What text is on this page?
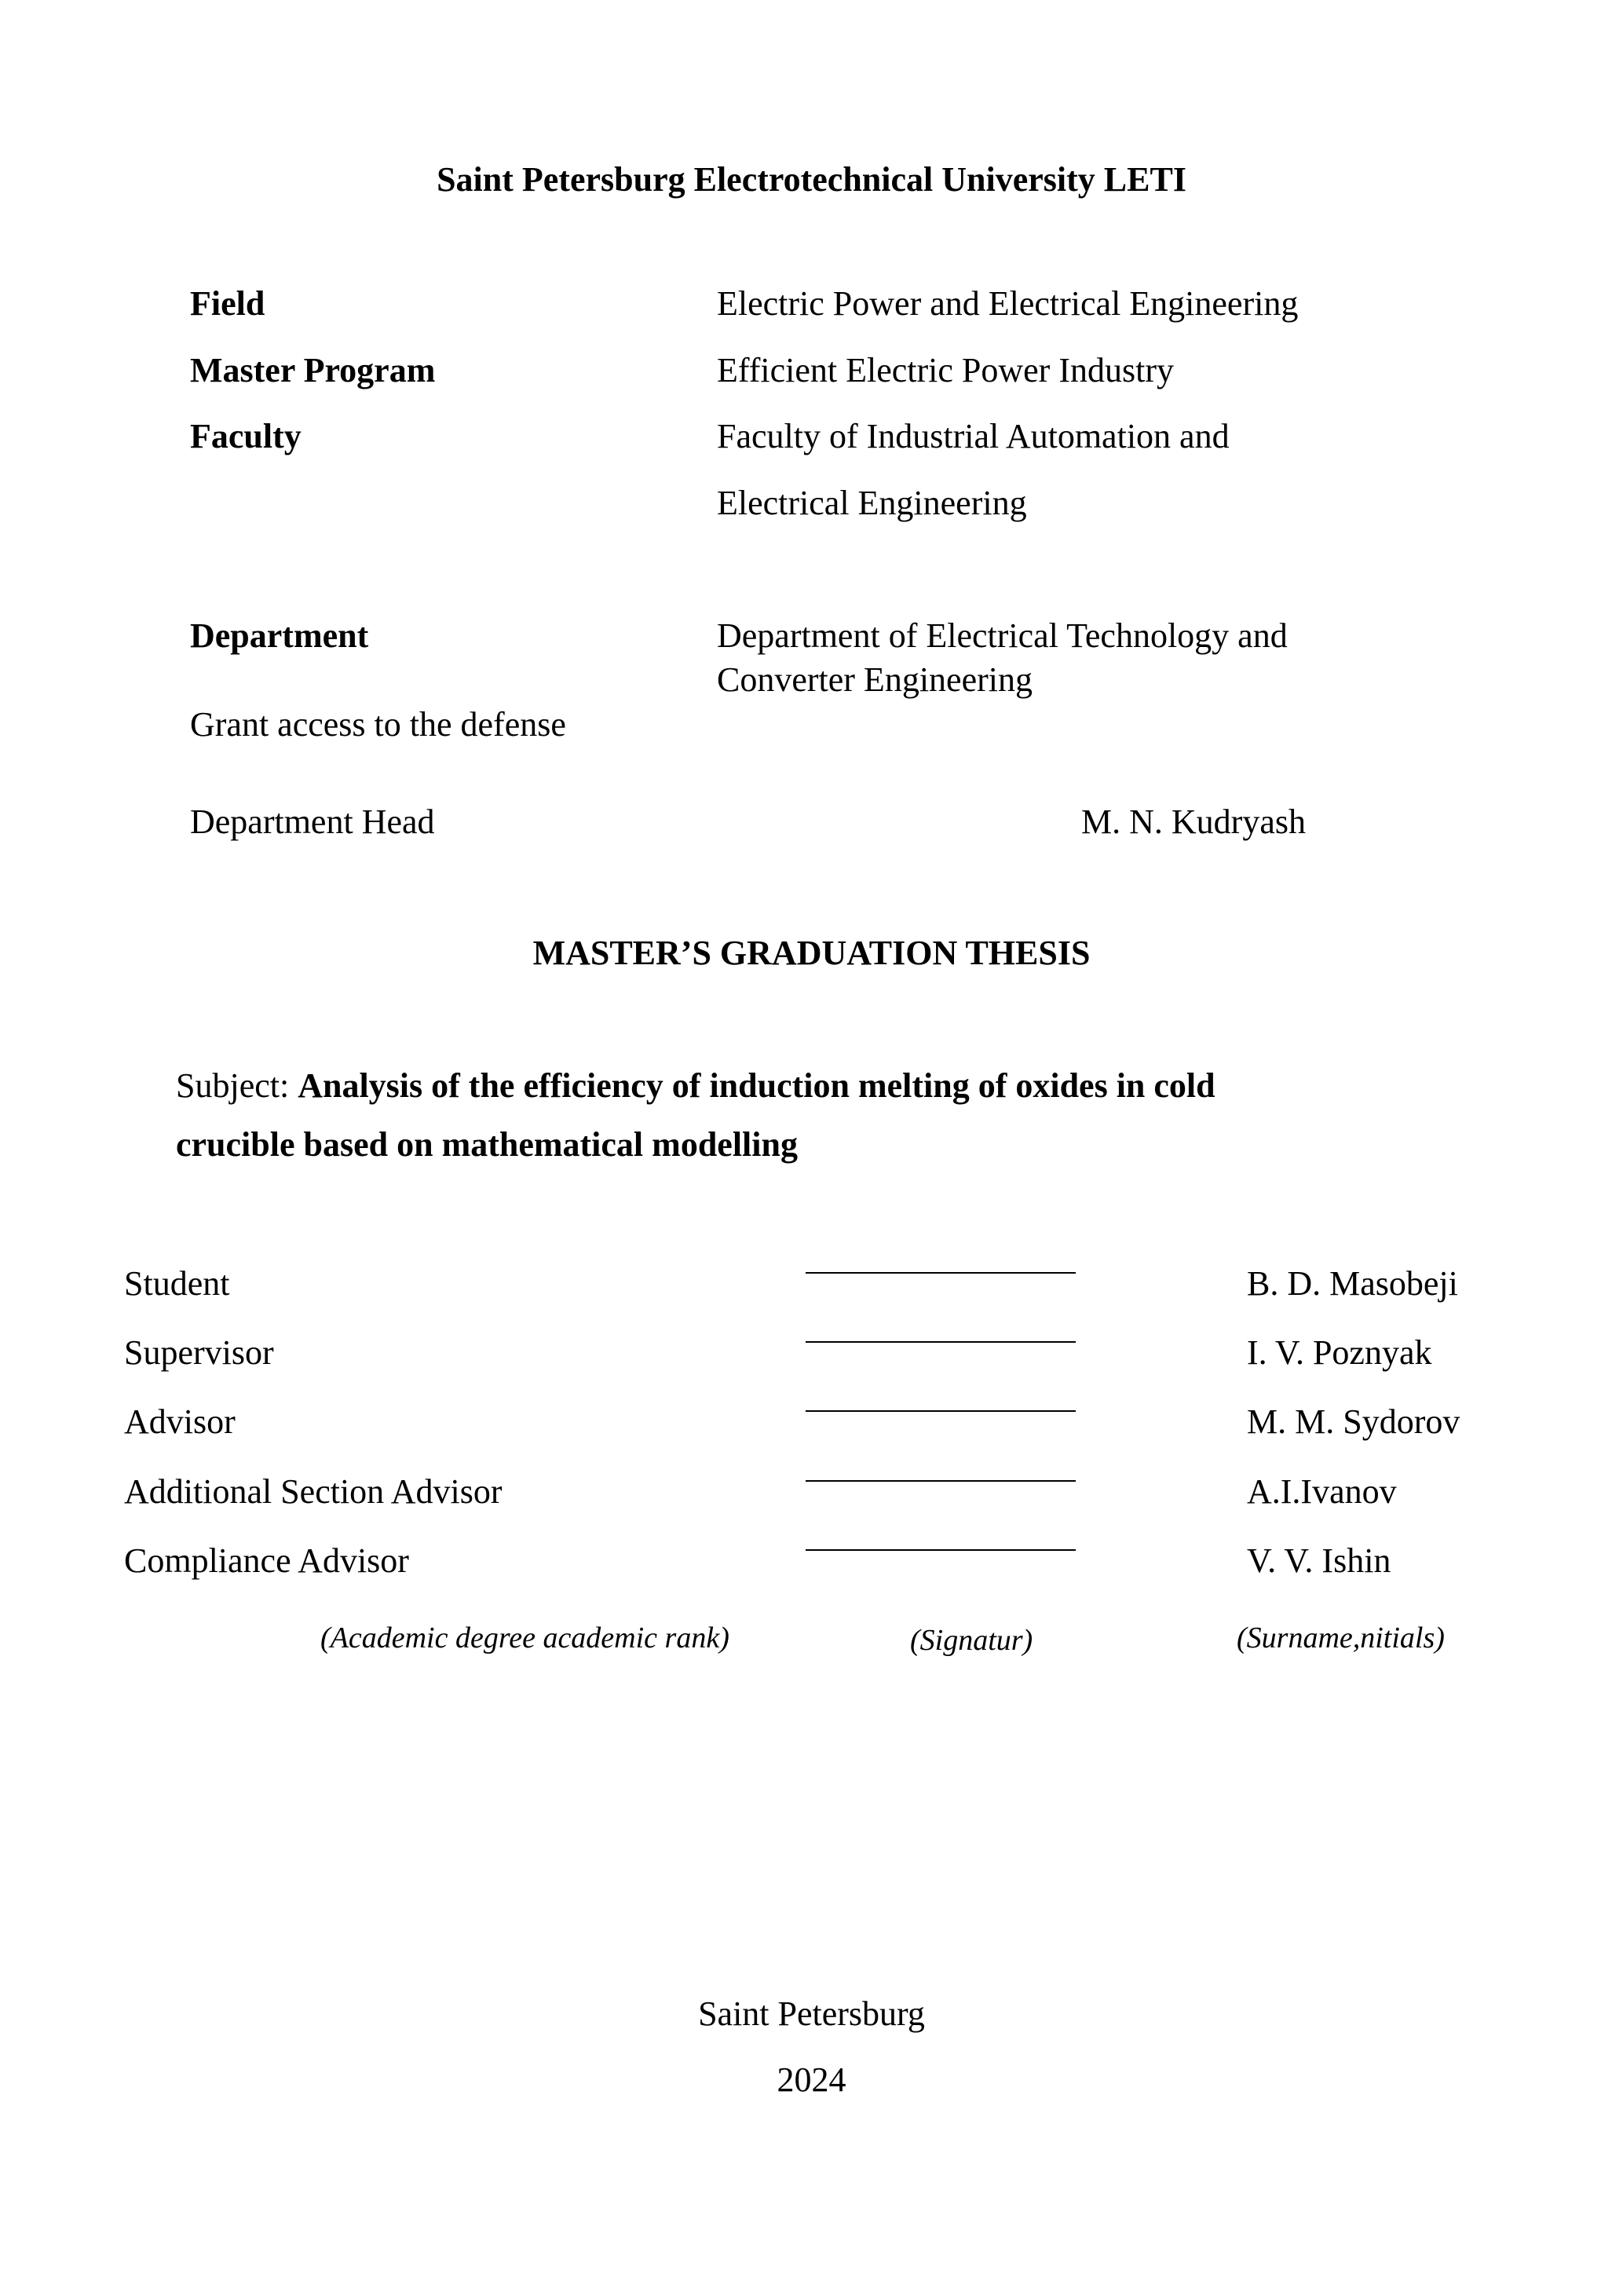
Saint Petersburg Electrotechnical University LETI
Field	Electric Power and Electrical Engineering
Master Program	Efficient Electric Power Industry
Faculty	Faculty of Industrial Automation and
Electrical Engineering
Department	Department of Electrical Technology and
Converter Engineering
Grant access to the defense
Department Head	M. N. Kudryash
MASTER’S GRADUATION THESIS
Subject: Analysis of the efficiency of induction melting of oxides in cold
crucible based on mathematical modelling
Student	B. D. Masobeji
Supervisor	I. V. Poznyak
Advisor	M. M. Sydorov
Additional Section Advisor	A.I.Ivanov
Compliance Advisor	V. V. Ishin
(Academic degree academic rank)	(Signatur)	(Surname,nitials)
Saint Petersburg
2024
